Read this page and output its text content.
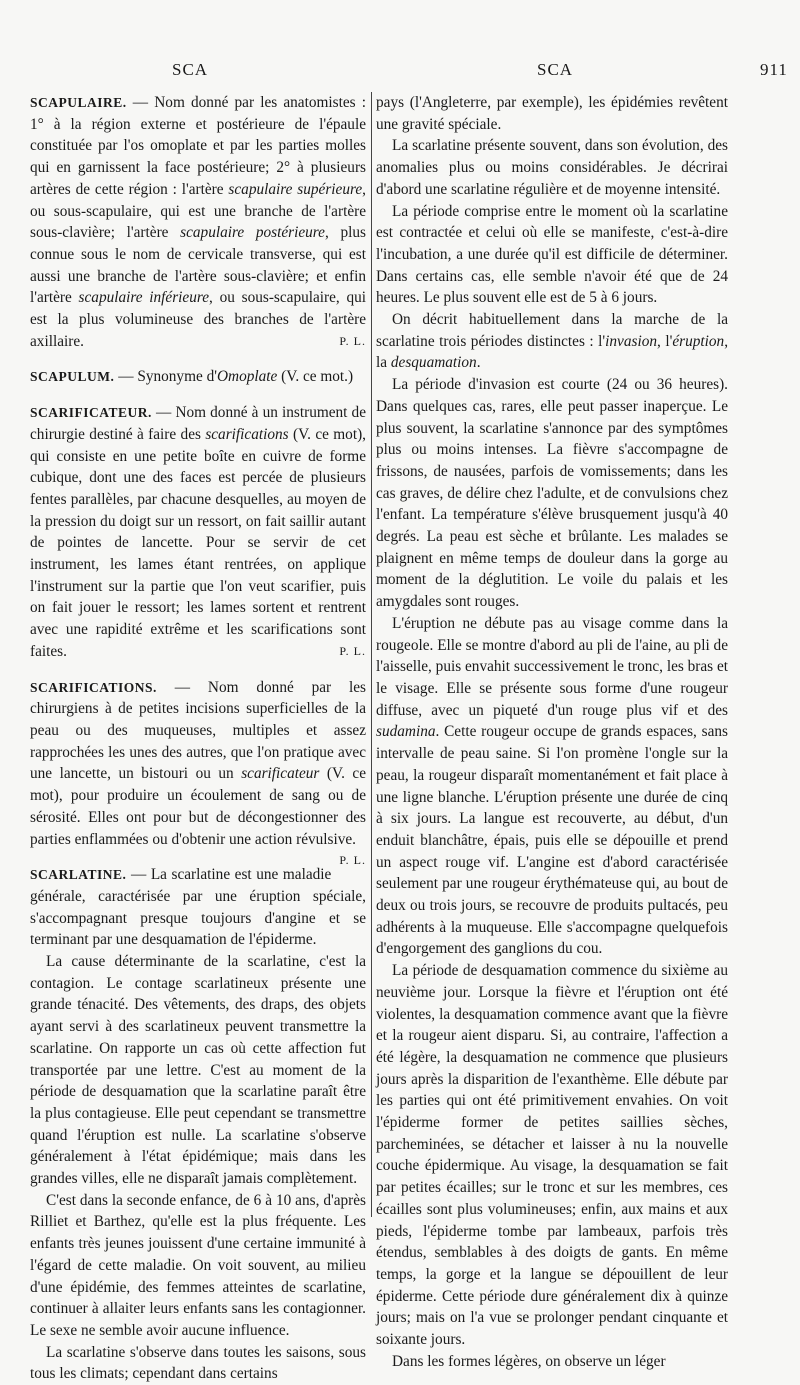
SCA	SCA	911

SCAPULAIRE. — Nom donné par les anatomistes : 1° à la région externe et postérieure de l'épaule constituée par l'os omoplate et par les parties molles qui en garnissent la face postérieure; 2° à plusieurs artères de cette région : l'artère scapulaire supérieure, ou sous-scapulaire, qui est une branche de l'artère sous-clavière; l'artère scapulaire postérieure, plus connue sous le nom de cervicale transverse, qui est aussi une branche de l'artère sous-clavière; et enfin l'artère scapulaire inférieure, ou sous-scapulaire, qui est la plus volumineuse des branches de l'artère axillaire.	P. L.

SCAPULUM. — Synonyme d'Omoplate (V. ce mot.)

SCARIFICATEUR. — Nom donné à un instrument de chirurgie destiné à faire des scarifications (V. ce mot), qui consiste en une petite boîte en cuivre de forme cubique, dont une des faces est percée de plusieurs fentes parallèles, par chacune desquelles, au moyen de la pression du doigt sur un ressort, on fait saillir autant de pointes de lancette. Pour se servir de cet instrument, les lames étant rentrées, on applique l'instrument sur la partie que l'on veut scarifier, puis on fait jouer le ressort; les lames sortent et rentrent avec une rapidité extrême et les scarifications sont faites.	P. L.

SCARIFICATIONS. — Nom donné par les chirurgiens à de petites incisions superficielles de la peau ou des muqueuses, multiples et assez rapprochées les unes des autres, que l'on pratique avec une lancette, un bistouri ou un scarificateur (V. ce mot), pour produire un écoulement de sang ou de sérosité. Elles ont pour but de décongestionner des parties enflammées ou d'obtenir une action révulsive.
P. L.

SCARLATINE. — La scarlatine est une maladie générale, caractérisée par une éruption spéciale, s'accompagnant presque toujours d'angine et se terminant par une desquamation de l'épiderme.

La cause déterminante de la scarlatine, c'est la contagion. Le contage scarlatineux présente une grande ténacité. Des vêtements, des draps, des objets ayant servi à des scarlatineux peuvent transmettre la scarlatine. On rapporte un cas où cette affection fut transportée par une lettre. C'est au moment de la période de desquamation que la scarlatine paraît être la plus contagieuse. Elle peut cependant se transmettre quand l'éruption est nulle. La scarlatine s'observe généralement à l'état épidémique; mais dans les grandes villes, elle ne disparaît jamais complètement.

C'est dans la seconde enfance, de 6 à 10 ans, d'après Rilliet et Barthez, qu'elle est la plus fréquente. Les enfants très jeunes jouissent d'une certaine immunité à l'égard de cette maladie. On voit souvent, au milieu d'une épidémie, des femmes atteintes de scarlatine, continuer à allaiter leurs enfants sans les contagionner. Le sexe ne semble avoir aucune influence.

La scarlatine s'observe dans toutes les saisons, sous tous les climats; cependant dans certains

pays (l'Angleterre, par exemple), les épidémies revêtent une gravité spéciale.

La scarlatine présente souvent, dans son évolution, des anomalies plus ou moins considérables. Je décrirai d'abord une scarlatine régulière et de moyenne intensité.

La période comprise entre le moment où la scarlatine est contractée et celui où elle se manifeste, c'est-à-dire l'incubation, a une durée qu'il est difficile de déterminer. Dans certains cas, elle semble n'avoir été que de 24 heures. Le plus souvent elle est de 5 à 6 jours.

On décrit habituellement dans la marche de la scarlatine trois périodes distinctes : l'invasion, l'éruption, la desquamation.

La période d'invasion est courte (24 ou 36 heures). Dans quelques cas, rares, elle peut passer inaperçue. Le plus souvent, la scarlatine s'annonce par des symptômes plus ou moins intenses. La fièvre s'accompagne de frissons, de nausées, parfois de vomissements; dans les cas graves, de délire chez l'adulte, et de convulsions chez l'enfant. La température s'élève brusquement jusqu'à 40 degrés. La peau est sèche et brûlante. Les malades se plaignent en même temps de douleur dans la gorge au moment de la déglutition. Le voile du palais et les amygdales sont rouges.

L'éruption ne débute pas au visage comme dans la rougeole. Elle se montre d'abord au pli de l'aine, au pli de l'aisselle, puis envahit successivement le tronc, les bras et le visage. Elle se présente sous forme d'une rougeur diffuse, avec un piqueté d'un rouge plus vif et des sudamina. Cette rougeur occupe de grands espaces, sans intervalle de peau saine. Si l'on promène l'ongle sur la peau, la rougeur disparaît momentanément et fait place à une ligne blanche. L'éruption présente une durée de cinq à six jours. La langue est recouverte, au début, d'un enduit blanchâtre, épais, puis elle se dépouille et prend un aspect rouge vif. L'angine est d'abord caractérisée seulement par une rougeur érythémateuse qui, au bout de deux ou trois jours, se recouvre de produits pultacés, peu adhérents à la muqueuse. Elle s'accompagne quelquefois d'engorgement des ganglions du cou.

La période de desquamation commence du sixième au neuvième jour. Lorsque la fièvre et l'éruption ont été violentes, la desquamation commence avant que la fièvre et la rougeur aient disparu. Si, au contraire, l'affection a été légère, la desquamation ne commence que plusieurs jours après la disparition de l'exanthème. Elle débute par les parties qui ont été primitivement envahies. On voit l'épiderme former de petites saillies sèches, parcheminées, se détacher et laisser à nu la nouvelle couche épidermique. Au visage, la desquamation se fait par petites écailles; sur le tronc et sur les membres, ces écailles sont plus volumineuses; enfin, aux mains et aux pieds, l'épiderme tombe par lambeaux, parfois très étendus, semblables à des doigts de gants. En même temps, la gorge et la langue se dépouillent de leur épiderme. Cette période dure généralement dix à quinze jours; mais on l'a vue se prolonger pendant cinquante et soixante jours.

Dans les formes légères, on observe un léger
